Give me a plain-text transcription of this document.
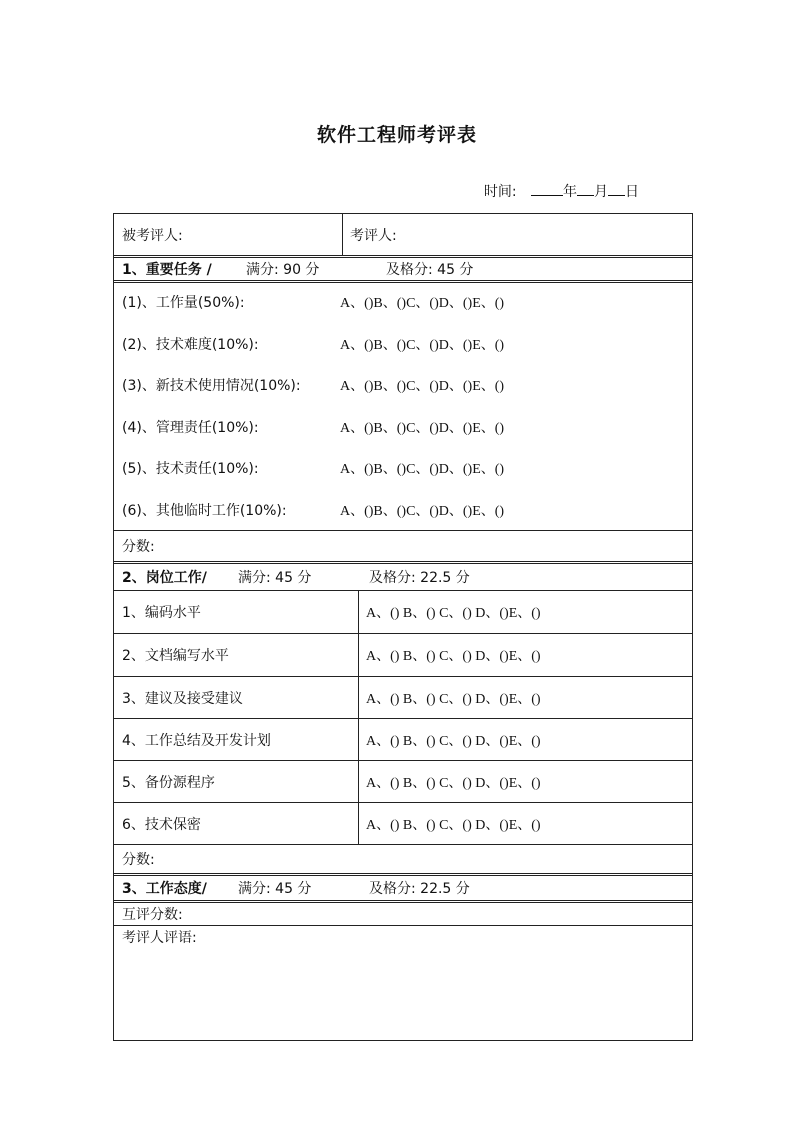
软件工程师考评表
时间:	年 月 日
被考评人:	考评人:
1、重要任务 / 满分: 90 分	及格分: 45 分
(1)、工作量(50%):	A、()B、()C、()D、()E、()
(2)、技术难度(10%):	A、()B、()C、()D、()E、()
(3)、新技术使用情况(10%):	A、()B、()C、()D、()E、()
(4)、管理责任(10%):	A、()B、()C、()D、()E、()
(5)、技术责任(10%):	A、()B、()C、()D、()E、()
(6)、其他临时工作(10%):	A、()B、()C、()D、()E、()
分数:
2、岗位工作/ 满分: 45 分	及格分: 22.5 分
1、编码水平	A、() B、() C、() D、()E、()
2、文档编写水平	A、() B、() C、() D、()E、()
3、建议及接受建议	A、() B、() C、() D、()E、()
4、工作总结及开发计划	A、() B、() C、() D、()E、()
5、备份源程序	A、() B、() C、() D、()E、()
6、技术保密	A、() B、() C、() D、()E、()
分数:
3、工作态度/ 满分: 45 分	及格分: 22.5 分
互评分数:
考评人评语:
